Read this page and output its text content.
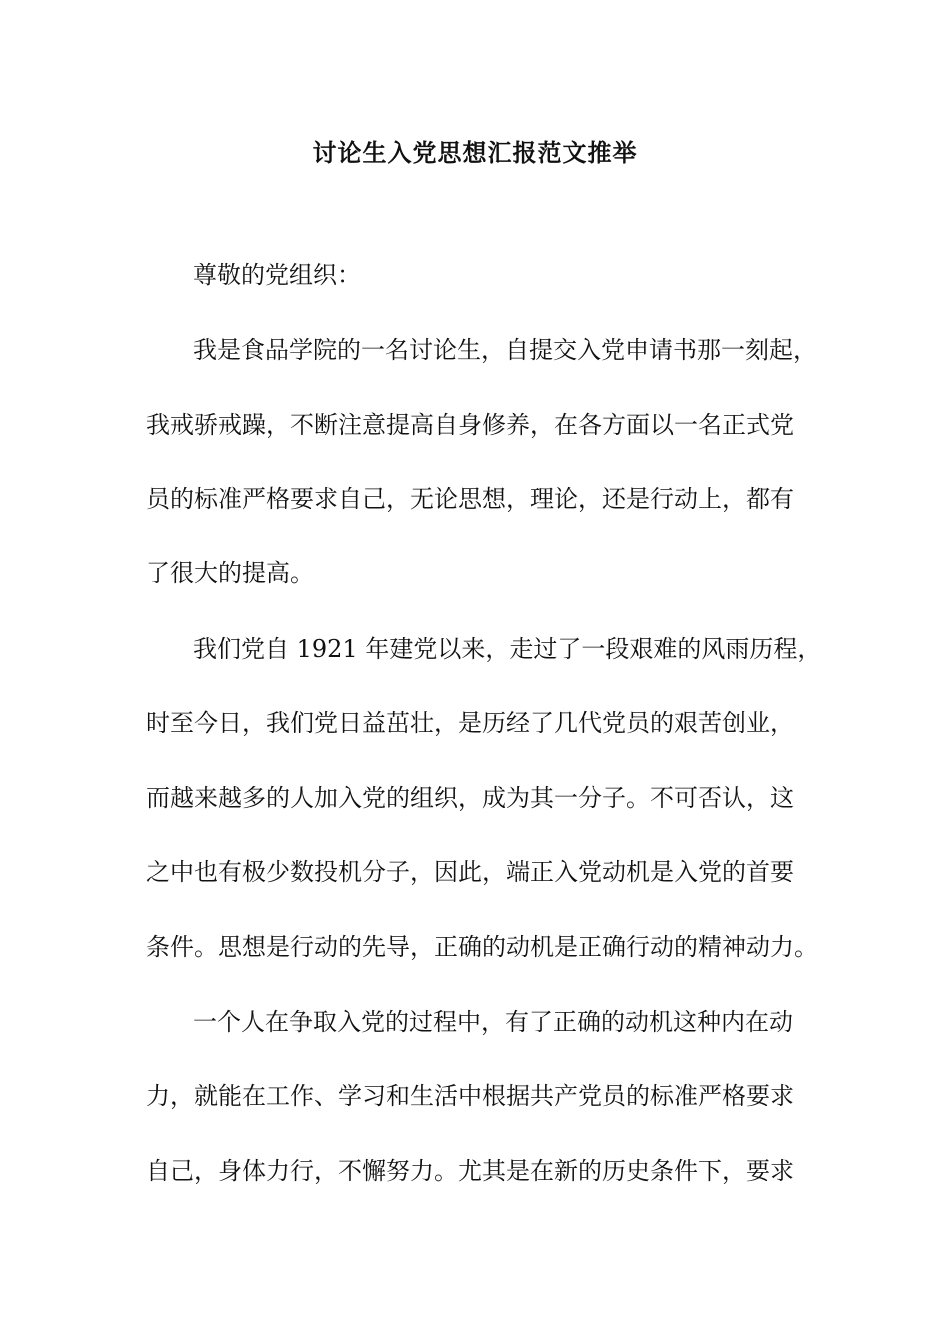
讨论生入党思想汇报范文推举
尊敬的党组织：
我是食品学院的一名讨论生，自提交入党申请书那一刻起，
我戒骄戒躁，不断注意提高自身修养，在各方面以一名正式党
员的标准严格要求自己，无论思想，理论，还是行动上，都有
了很大的提高。
我们党自 1921 年建党以来，走过了一段艰难的风雨历程，
时至今日，我们党日益茁壮，是历经了几代党员的艰苦创业，
而越来越多的人加入党的组织，成为其一分子。不可否认，这
之中也有极少数投机分子，因此，端正入党动机是入党的首要
条件。思想是行动的先导，正确的动机是正确行动的精神动力。
一个人在争取入党的过程中，有了正确的动机这种内在动
力，就能在工作、学习和生活中根据共产党员的标准严格要求
自己，身体力行，不懈努力。尤其是在新的历史条件下，要求
